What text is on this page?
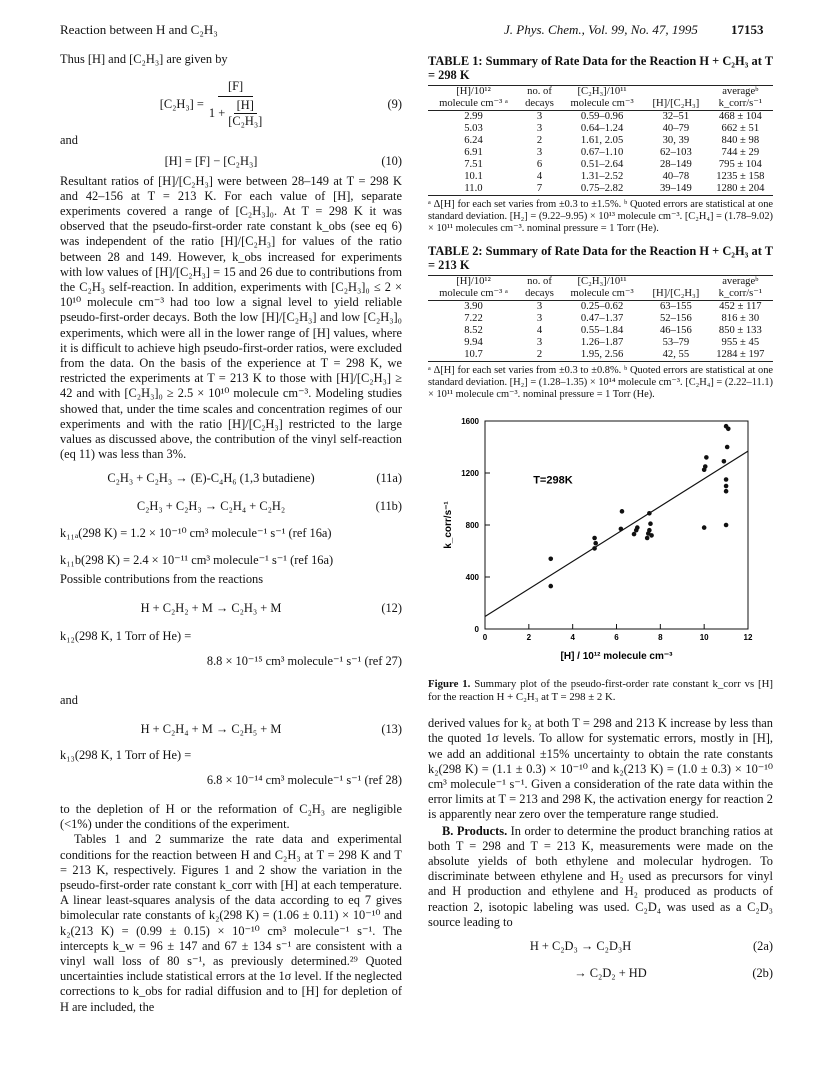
Reaction between H and C₂H₃	J. Phys. Chem., Vol. 99, No. 47, 1995	17153

Thus [H] and [C₂H₃] are given by

$[C_2H_3] = \frac{[F]}{1 + \frac{[H]}{\text{[C₂H₃]}}}$	(9)

and

[H] = [F] − [C₂H₃]	(10)

Resultant ratios of [H]/[C₂H₃] were between 28–149 at T = 298 K and 42–156 at T = 213 K. For each value of [H], separate experiments covered a range of [C₂H₃]₀. At T = 298 K it was observed that the pseudo-first-order rate constant k_obs (see eq 6) was independent of the ratio [H]/[C₂H₃] for values of the ratio between 28 and 149. However, k_obs increased for experiments with low values of [H]/[C₂H₃] = 15 and 26 due to contributions from the C₂H₃ self-reaction. In addition, experiments with [C₂H₃]₀ ≤ 2 × 10¹⁰ molecule cm⁻³ had too low a signal level to yield reliable pseudo-first-order decays. Both the low [H]/[C₂H₃] and low [C₂H₃]₀ experiments, which were all in the lower range of [H] values, where it is difficult to achieve high pseudo-first-order ratios, were excluded from the data. On the basis of the experience at T = 298 K, we restricted the experiments at T = 213 K to those with [H]/[C₂H₃] ≥ 42 and with [C₂H₃]₀ ≥ 2.5 × 10¹⁰ molecule cm⁻³. Modeling studies showed that, under the time scales and concentration regimes of our experiments and with the ratio [H]/[C₂H₃] restricted to the large values as discussed above, the contribution of the vinyl self-reaction (eq 11) was less than 3%.

C₂H₃ + C₂H₃ → (E)-C₄H₆ (1,3 butadiene)	(11a)
C₂H₃ + C₂H₃ → C₂H₄ + C₂H₂	(11b)

k₁₁ₐ(298 K) = 1.2 × 10⁻¹⁰ cm³ molecule⁻¹ s⁻¹ (ref 16a)

k₁₁b(298 K) = 2.4 × 10⁻¹¹ cm³ molecule⁻¹ s⁻¹ (ref 16a)

Possible contributions from the reactions

H + C₂H₂ + M → C₂H₃ + M	(12)

k₁₂(298 K, 1 Torr of He) =

8.8 × 10⁻¹⁵ cm³ molecule⁻¹ s⁻¹ (ref 27)

and

H + C₂H₄ + M → C₂H₅ + M	(13)

k₁₃(298 K, 1 Torr of He) =

6.8 × 10⁻¹⁴ cm³ molecule⁻¹ s⁻¹ (ref 28)

to the depletion of H or the reformation of C₂H₃ are negligible (<1%) under the conditions of the experiment.

Tables 1 and 2 summarize the rate data and experimental conditions for the reaction between H and C₂H₃ at T = 298 K and T = 213 K, respectively. Figures 1 and 2 show the variation in the pseudo-first-order rate constant k_corr with [H] at each temperature. A linear least-squares analysis of the data according to eq 7 gives bimolecular rate constants of k₂(298 K) = (1.06 ± 0.11) × 10⁻¹⁰ and k₂(213 K) = (0.99 ± 0.15) × 10⁻¹⁰ cm³ molecule⁻¹ s⁻¹. The intercepts k_w = 96 ± 147 and 67 ± 134 s⁻¹ are consistent with a vinyl wall loss of 80 s⁻¹, as previously determined.²⁹ Quoted uncertainties include statistical errors at the 1σ level. If the neglected corrections to k_obs for radial diffusion and to [H] for depletion of H are included, the

TABLE 1: Summary of Rate Data for the Reaction H + C₂H₃ at T = 298 K
[H]/10¹²	no. of	[C₂H₃]/10¹¹		averageᵇ
molecule cm⁻³ ᵃ	decays	molecule cm⁻³	[H]/[C₂H₃]	k_corr/s⁻¹
2.99	3	0.59–0.96	32–51	468 ± 104
5.03	3	0.64–1.24	40–79	662 ± 51
6.24	2	1.61, 2.05	30, 39	840 ± 98
6.91	3	0.67–1.10	62–103	744 ± 29
7.51	6	0.51–2.64	28–149	795 ± 104
10.1	4	1.31–2.52	40–78	1235 ± 158
11.0	7	0.75–2.82	39–149	1280 ± 204
ᵃ Δ[H] for each set varies from ±0.3 to ±1.5%. ᵇ Quoted errors are statistical at one standard deviation. [H₂] = (9.22–9.95) × 10¹³ molecule cm⁻³. [C₂H₄] = (1.78–9.02) × 10¹¹ molecules cm⁻³. nominal pressure = 1 Torr (He).
TABLE 2: Summary of Rate Data for the Reaction H + C₂H₃ at T = 213 K
[H]/10¹²	no. of	[C₂H₃]/10¹¹		averageᵇ
molecule cm⁻³ ᵃ	decays	molecule cm⁻³	[H]/[C₂H₃]	k_corr/s⁻¹
3.90	3	0.25–0.62	63–155	452 ± 117
7.22	3	0.47–1.37	52–156	816 ± 30
8.52	4	0.55–1.84	46–156	850 ± 133
9.94	3	1.26–1.87	53–79	955 ± 45
10.7	2	1.95, 2.56	42, 55	1284 ± 197
ᵃ Δ[H] for each set varies from ±0.3 to ±0.8%. ᵇ Quoted errors are statistical at one standard deviation. [H₂] = (1.28–1.35) × 10¹⁴ molecule cm⁻³. [C₂H₄] = (2.22–11.1) × 10¹¹ molecule cm⁻³. nominal pressure = 1 Torr (He).
0	2	4	6	8	10	12
0
400
800
1200
1600
T=298K
[H] / 10¹² molecule cm⁻³
k_corr/s⁻¹

Figure 1. Summary plot of the pseudo-first-order rate constant k_corr vs [H] for the reaction H + C₂H₃ at T = 298 ± 2 K.

derived values for k₂ at both T = 298 and 213 K increase by less than the quoted 1σ levels. To allow for systematic errors, mostly in [H], we add an additional ±15% uncertainty to obtain the rate constants k₂(298 K) = (1.1 ± 0.3) × 10⁻¹⁰ and k₂(213 K) = (1.0 ± 0.3) × 10⁻¹⁰ cm³ molecule⁻¹ s⁻¹. Given a consideration of the rate data within the error limits at T = 213 and 298 K, the activation energy for reaction 2 is apparently near zero over the temperature range studied.

B. Products. In order to determine the product branching ratios at both T = 298 and T = 213 K, measurements were made on the absolute yields of both ethylene and molecular hydrogen. To discriminate between ethylene and H₂ used as precursors for vinyl and H production and ethylene and H₂ produced as products of reaction 2, isotopic labeling was used. C₂D₄ was used as a C₂D₃ source leading to

H + C₂D₃ → C₂D₃H	(2a)
→ C₂D₂ + HD	(2b)
